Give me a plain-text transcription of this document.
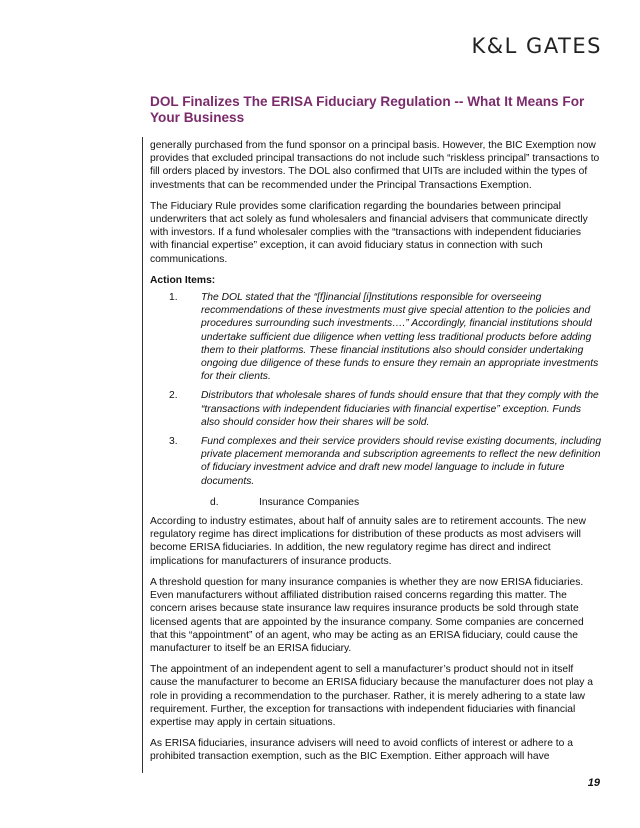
K&L GATES
DOL Finalizes The ERISA Fiduciary Regulation -- What It Means For Your Business

generally purchased from the fund sponsor on a principal basis. However, the BIC Exemption now provides that excluded principal transactions do not include such “riskless principal” transactions to fill orders placed by investors. The DOL also confirmed that UITs are included within the types of investments that can be recommended under the Principal Transactions Exemption.

The Fiduciary Rule provides some clarification regarding the boundaries between principal underwriters that act solely as fund wholesalers and financial advisers that communicate directly with investors. If a fund wholesaler complies with the “transactions with independent fiduciaries with financial expertise” exception, it can avoid fiduciary status in connection with such communications.

Action Items:
1.	The DOL stated that the “[f]inancial [i]nstitutions responsible for overseeing recommendations of these investments must give special attention to the policies and procedures surrounding such investments….” Accordingly, financial institutions should undertake sufficient due diligence when vetting less traditional products before adding them to their platforms. These financial institutions also should consider undertaking ongoing due diligence of these funds to ensure they remain an appropriate investments for their clients.
2.	Distributors that wholesale shares of funds should ensure that that they comply with the “transactions with independent fiduciaries with financial expertise” exception. Funds also should consider how their shares will be sold.
3.	Fund complexes and their service providers should revise existing documents, including private placement memoranda and subscription agreements to reflect the new definition of fiduciary investment advice and draft new model language to include in future documents.
d.	Insurance Companies

According to industry estimates, about half of annuity sales are to retirement accounts. The new regulatory regime has direct implications for distribution of these products as most advisers will become ERISA fiduciaries. In addition, the new regulatory regime has direct and indirect implications for manufacturers of insurance products.

A threshold question for many insurance companies is whether they are now ERISA fiduciaries. Even manufacturers without affiliated distribution raised concerns regarding this matter. The concern arises because state insurance law requires insurance products be sold through state licensed agents that are appointed by the insurance company. Some companies are concerned that this “appointment” of an agent, who may be acting as an ERISA fiduciary, could cause the manufacturer to itself be an ERISA fiduciary.

The appointment of an independent agent to sell a manufacturer’s product should not in itself cause the manufacturer to become an ERISA fiduciary because the manufacturer does not play a role in providing a recommendation to the purchaser. Rather, it is merely adhering to a state law requirement. Further, the exception for transactions with independent fiduciaries with financial expertise may apply in certain situations.

As ERISA fiduciaries, insurance advisers will need to avoid conflicts of interest or adhere to a prohibited transaction exemption, such as the BIC Exemption. Either approach will have

19
